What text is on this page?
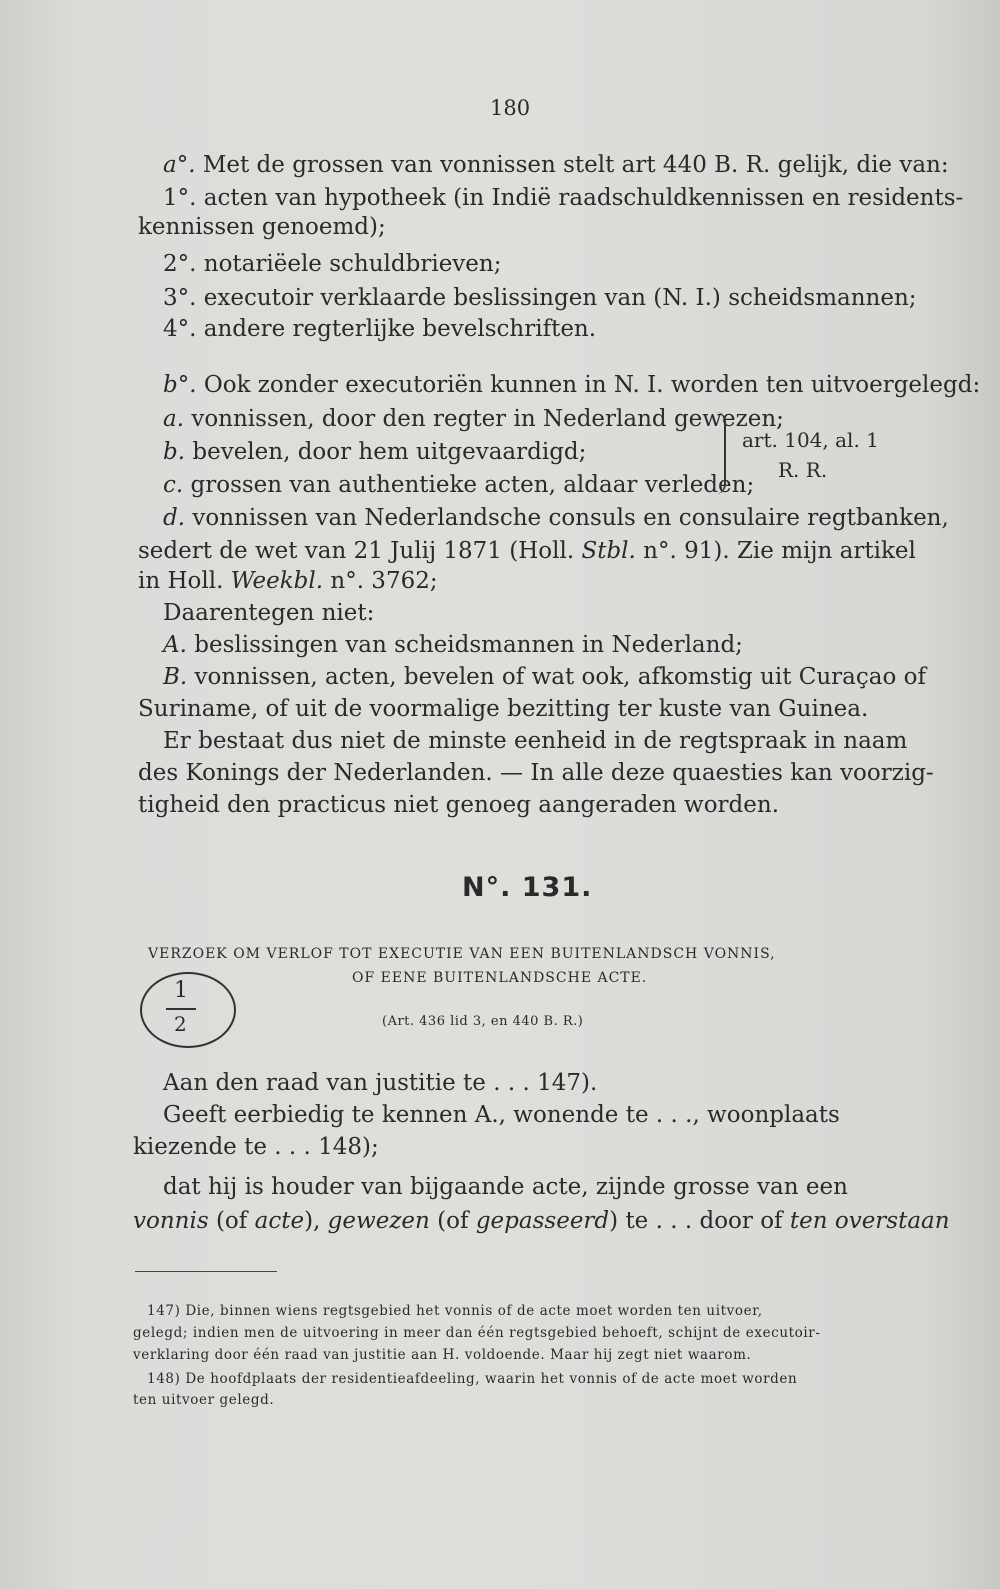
180
a°. Met de grossen van vonnissen stelt art 440 B. R. gelijk, die van:
1°. acten van hypotheek (in Indië raadschuldkennissen en residents-
kennissen genoemd);
2°. notariëele schuldbrieven;
3°. executoir verklaarde beslissingen van (N. I.) scheidsmannen;
4°. andere regterlijke bevelschriften.
b°. Ook zonder executoriën kunnen in N. I. worden ten uitvoergelegd:
a. vonnissen, door den regter in Nederland gewezen;
b. bevelen, door hem uitgevaardigd;
c. grossen van authentieke acten, aldaar verleden;
art. 104, al. 1
R. R.
d. vonnissen van Nederlandsche consuls en consulaire regtbanken,
sedert de wet van 21 Julij 1871 (Holl. Stbl. n°. 91). Zie mijn artikel
in Holl. Weekbl. n°. 3762;
Daarentegen niet:
A. beslissingen van scheidsmannen in Nederland;
B. vonnissen, acten, bevelen of wat ook, afkomstig uit Curaçao of
Suriname, of uit de voormalige bezitting ter kuste van Guinea.
Er bestaat dus niet de minste eenheid in de regtspraak in naam
des Konings der Nederlanden. — In alle deze quaesties kan voorzig-
tigheid den practicus niet genoeg aangeraden worden.
N°. 131.
VERZOEK OM VERLOF TOT EXECUTIE VAN EEN BUITENLANDSCH VONNIS,
OF EENE BUITENLANDSCHE ACTE.
1
2	(Art. 436 lid 3, en 440 B. R.)
Aan den raad van justitie te . . . 147).
Geeft eerbiedig te kennen A., wonende te . . ., woonplaats
kiezende te . . . 148);
dat hij is houder van bijgaande acte, zijnde grosse van een
vonnis (of acte), gewezen (of gepasseerd) te . . . door of ten overstaan
147) Die, binnen wiens regtsgebied het vonnis of de acte moet worden ten uitvoer,
gelegd; indien men de uitvoering in meer dan één regtsgebied behoeft, schijnt de executoir-
verklaring door één raad van justitie aan H. voldoende. Maar hij zegt niet waarom.
148) De hoofdplaats der residentieafdeeling, waarin het vonnis of de acte moet worden
ten uitvoer gelegd.
